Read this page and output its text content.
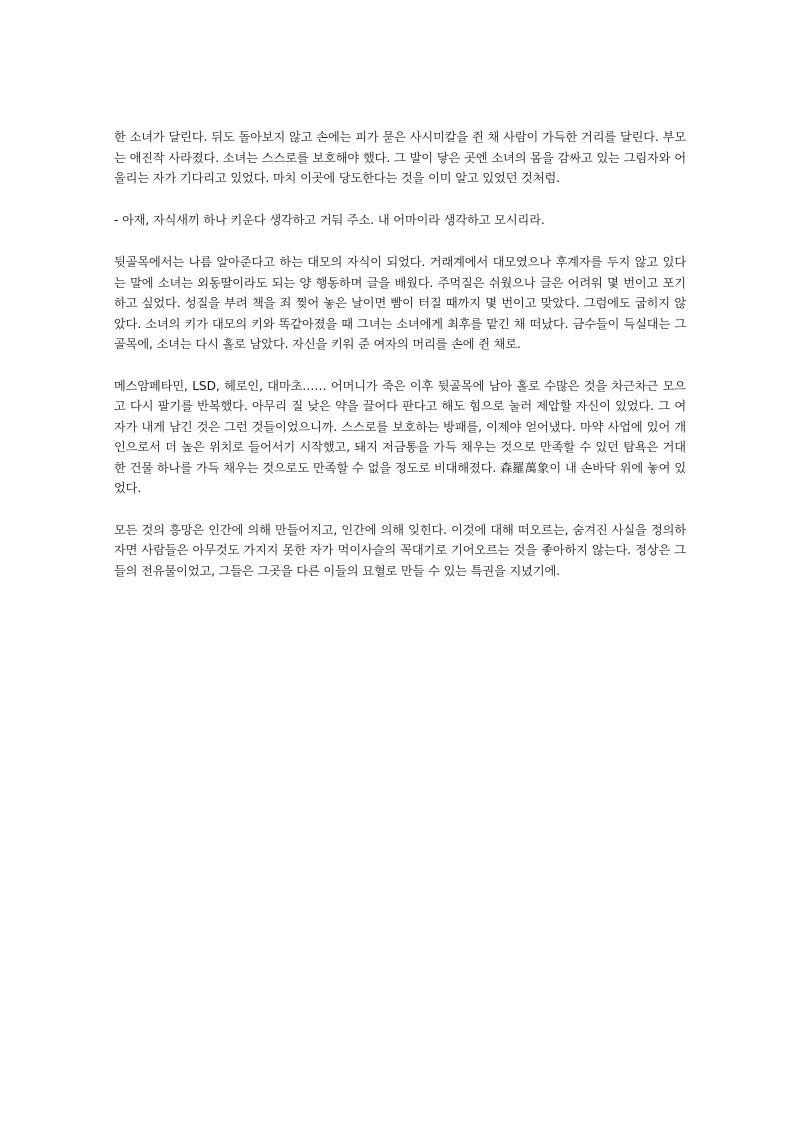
한 소녀가 달린다. 뒤도 돌아보지 않고 손에는 피가 묻은 사시미칼을 쥔 채 사람이 가득한 거리를 달린다. 부모는 애진작 사라졌다. 소녀는 스스로를 보호해야 했다. 그 발이 닿은 곳엔 소녀의 몸을 감싸고 있는 그림자와 어울리는 자가 기다리고 있었다. 마치 이곳에 당도한다는 것을 이미 알고 있었던 것처럼.

- 아재, 자식새끼 하나 키운다 생각하고 거둬 주소. 내 어마이라 생각하고 모시리라.

뒷골목에서는 나름 알아준다고 하는 대모의 자식이 되었다. 거래계에서 대모였으나 후계자를 두지 않고 있다는 말에 소녀는 외동딸이라도 되는 양 행동하며 글을 배웠다. 주먹질은 쉬웠으나 글은 어려워 몇 번이고 포기하고 싶었다. 성질을 부려 책을 죄 찢어 놓은 날이면 빰이 터질 때까지 몇 번이고 맞았다. 그럼에도 굽히지 않았다. 소녀의 키가 대모의 키와 똑같아졌을 때 그녀는 소녀에게 최후를 맡긴 채 떠났다. 금수들이 득실대는 그 골목에, 소녀는 다시 홀로 남았다. 자신을 키워 준 여자의 머리를 손에 쥔 채로.

메스암페타민, LSD, 헤로인, 대마초…… 어머니가 죽은 이후 뒷골목에 남아 홀로 수많은 것을 차근차근 모으고 다시 팔기를 반복했다. 아무리 질 낮은 약을 끌어다 판다고 해도 힘으로 눌러 제압할 자신이 있었다. 그 여자가 내게 남긴 것은 그런 것들이었으니까. 스스로를 보호하는 방패를, 이제야 얻어냈다. 마약 사업에 있어 개인으로서 더 높은 위치로 들어서기 시작했고, 돼지 저금통을 가득 채우는 것으로 만족할 수 있던 탐욕은 거대한 건물 하나를 가득 채우는 것으로도 만족할 수 없을 정도로 비대해졌다. 森羅萬象이 내 손바닥 위에 놓여 있었다.

모든 것의 흥망은 인간에 의해 만들어지고, 인간에 의해 잊힌다. 이것에 대해 떠오르는, 숨겨진 사실을 정의하자면 사람들은 아무것도 가지지 못한 자가 먹이사슬의 꼭대기로 기어오르는 것을 좋아하지 않는다. 정상은 그들의 전유물이었고, 그들은 그곳을 다른 이들의 묘혈로 만들 수 있는 특권을 지녔기에.
